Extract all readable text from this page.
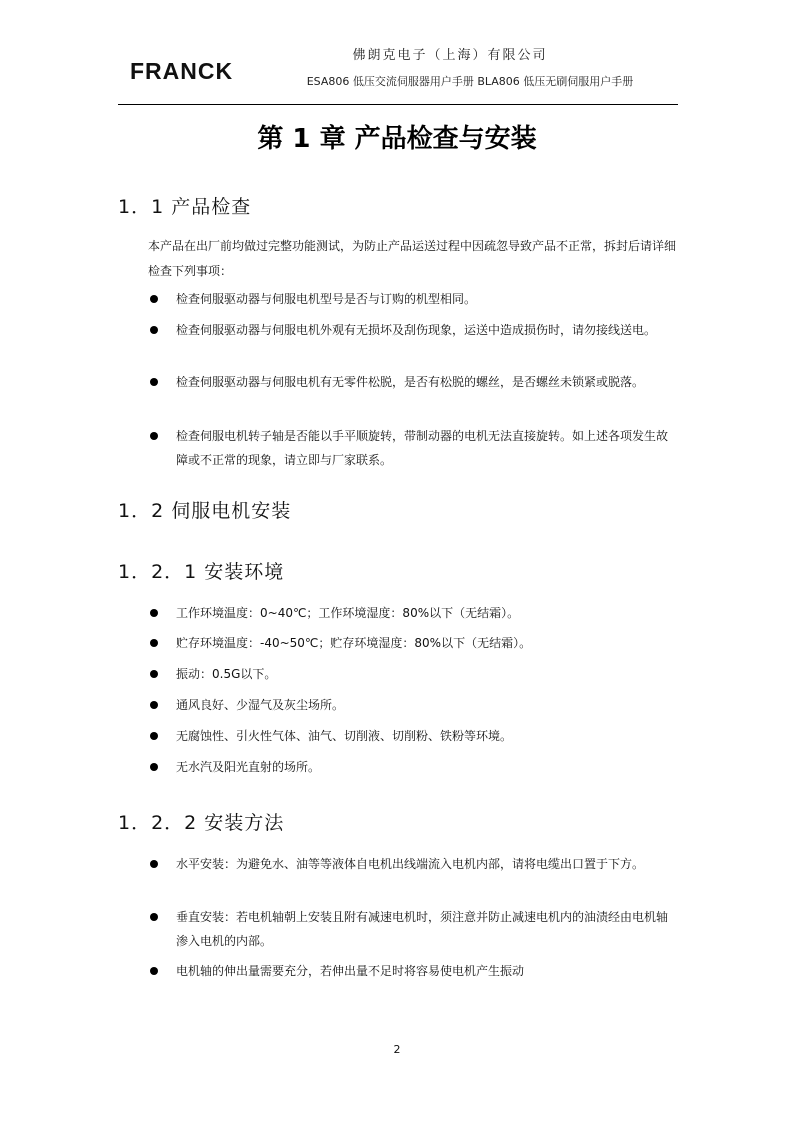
FRANCK
佛朗克电子（上海）有限公司
ESA806 低压交流伺服器用户手册 BLA806 低压无刷伺服用户手册
第 1 章 产品检查与安装
1．1 产品检查
本产品在出厂前均做过完整功能测试，为防止产品运送过程中因疏忽导致产品不正常，拆封后请详细检查下列事项：
检查伺服驱动器与伺服电机型号是否与订购的机型相同。
检查伺服驱动器与伺服电机外观有无损坏及刮伤现象，运送中造成损伤时，请勿接线送电。
检查伺服驱动器与伺服电机有无零件松脱，是否有松脱的螺丝，是否螺丝未锁紧或脱落。
检查伺服电机转子轴是否能以手平顺旋转，带制动器的电机无法直接旋转。如上述各项发生故障或不正常的现象，请立即与厂家联系。
1．2 伺服电机安装
1．2．1 安装环境
工作环境温度：0~40℃；工作环境湿度：80%以下（无结霜）。
贮存环境温度：-40~50℃；贮存环境湿度：80%以下（无结霜）。
振动：0.5G以下。
通风良好、少湿气及灰尘场所。
无腐蚀性、引火性气体、油气、切削液、切削粉、铁粉等环境。
无水汽及阳光直射的场所。
1．2．2 安装方法
水平安装：为避免水、油等等液体自电机出线端流入电机内部，请将电缆出口置于下方。
垂直安装：若电机轴朝上安装且附有减速电机时，须注意并防止减速电机内的油渍经由电机轴渗入电机的内部。
电机轴的伸出量需要充分，若伸出量不足时将容易使电机产生振动
2
